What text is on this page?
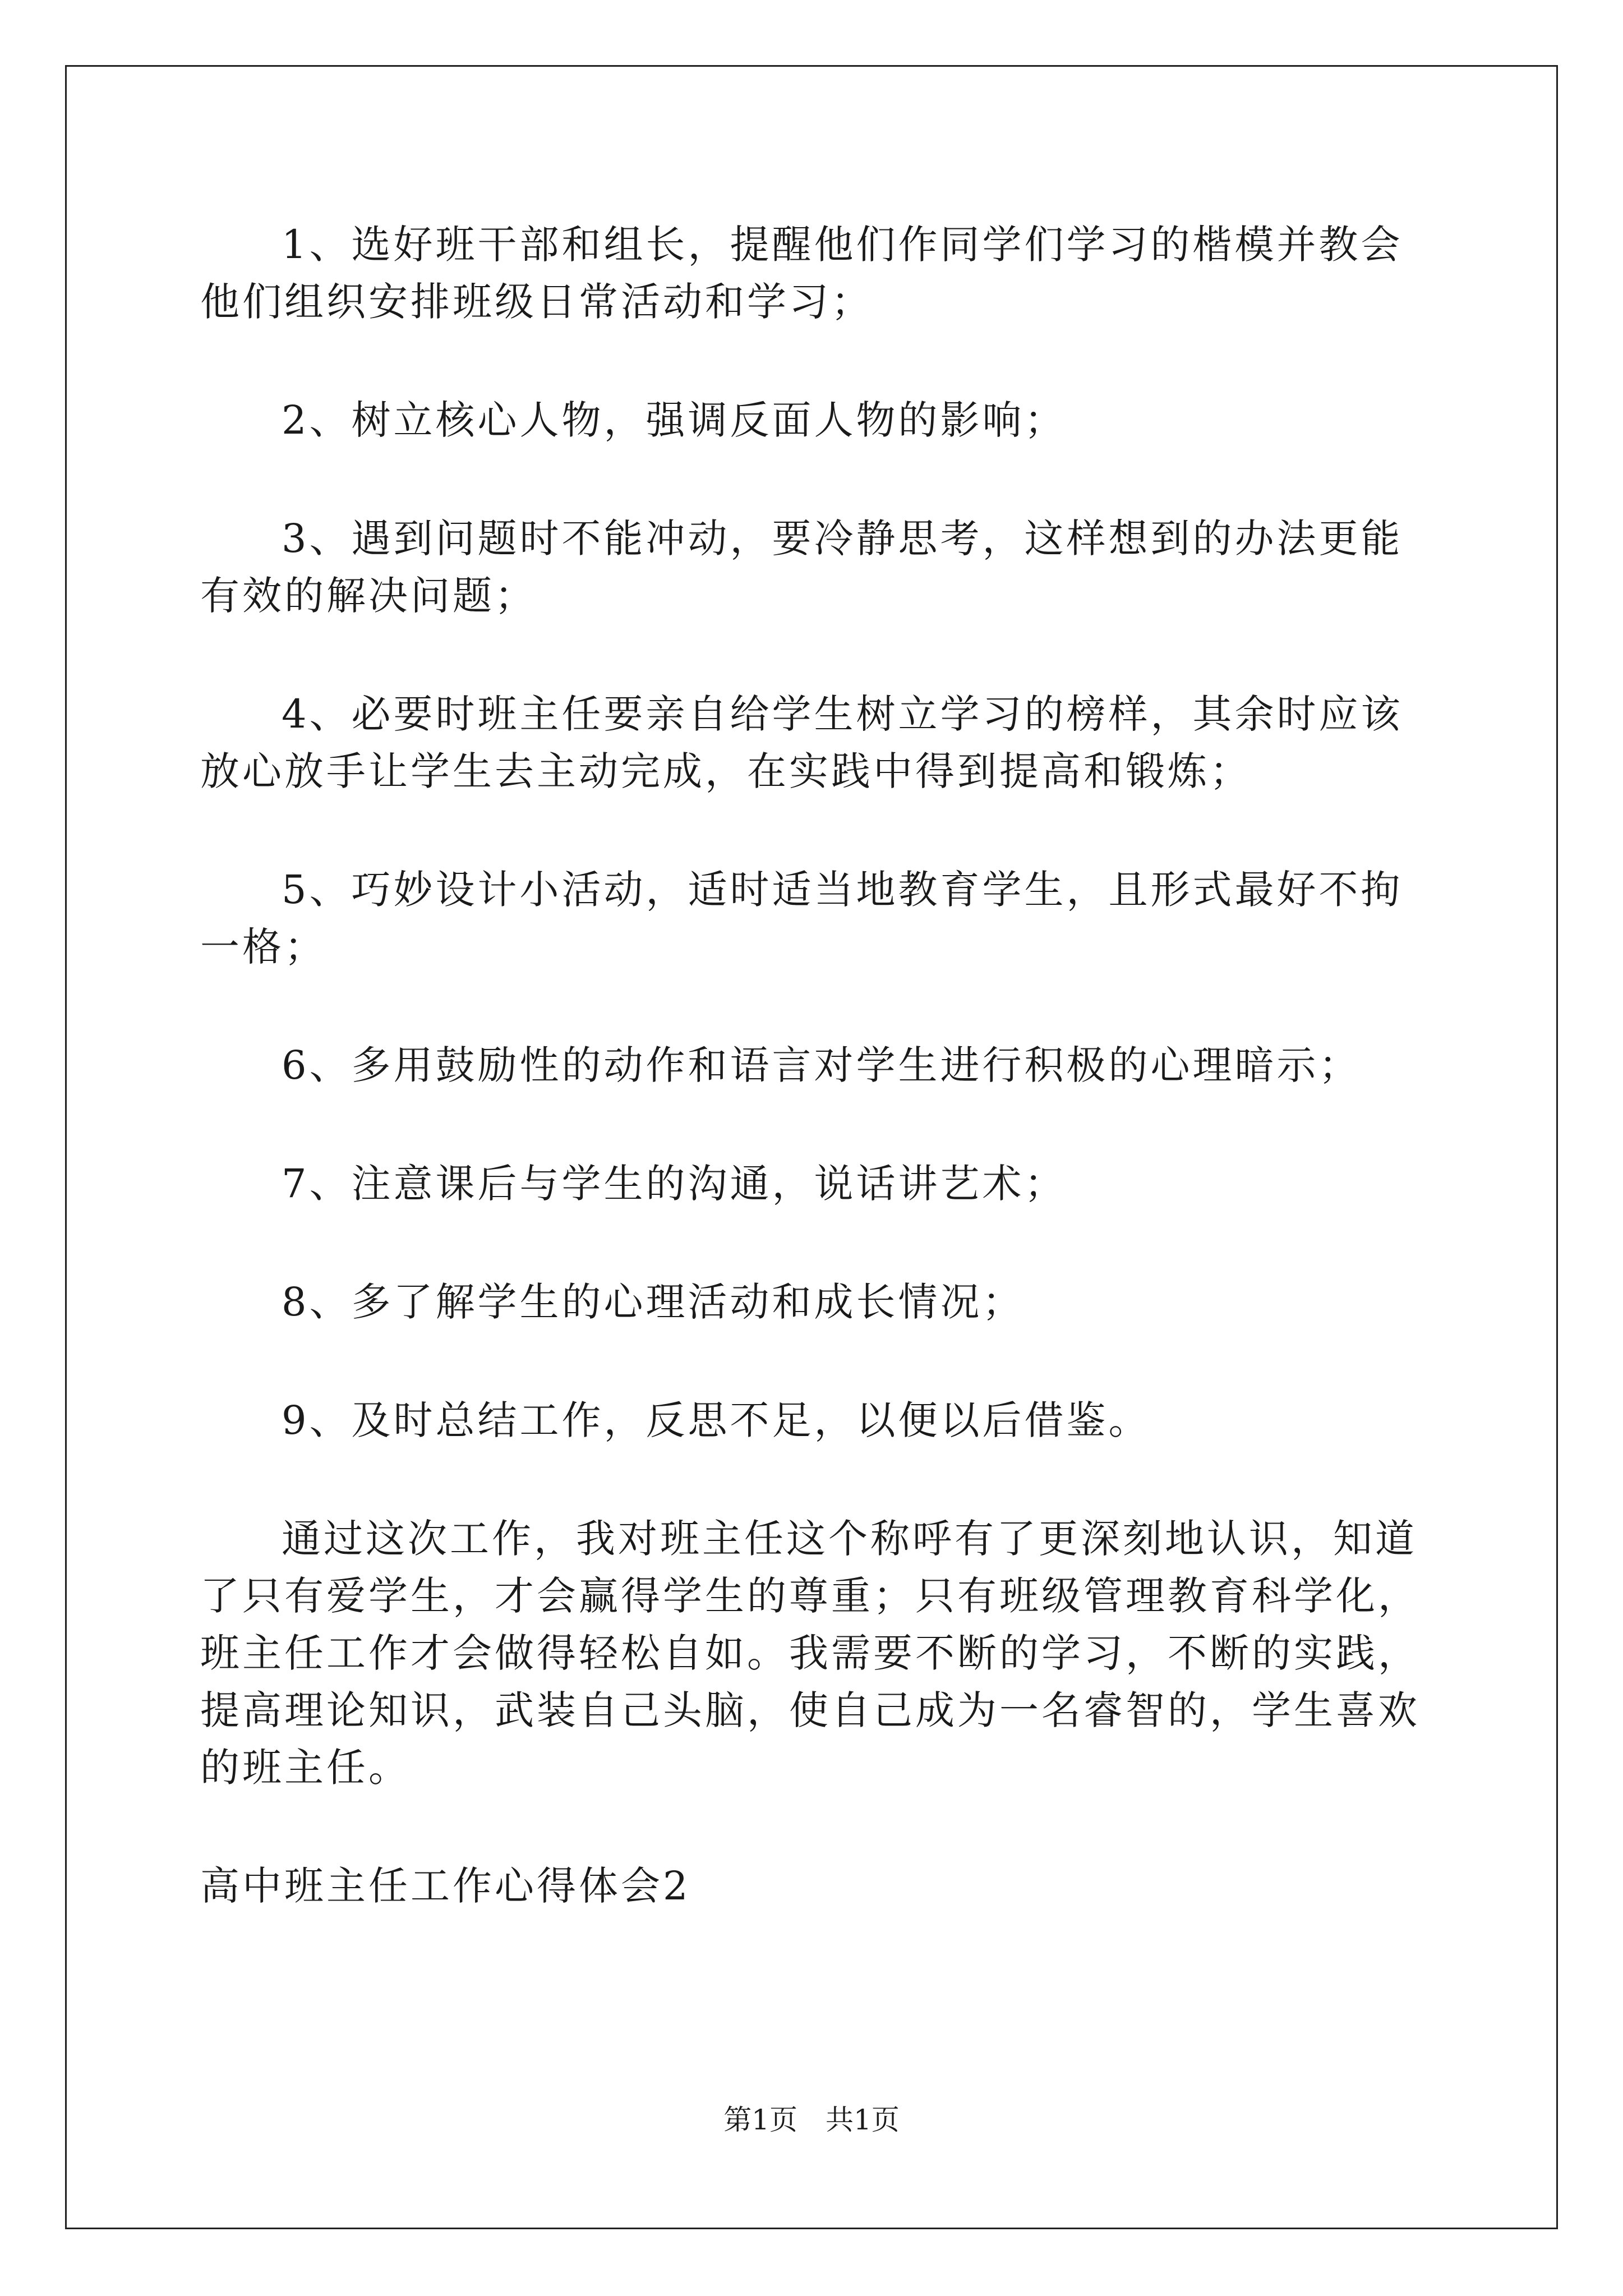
1、选好班干部和组长，提醒他们作同学们学习的楷模并教会他们组织安排班级日常活动和学习；

2、树立核心人物，强调反面人物的影响；

3、遇到问题时不能冲动，要冷静思考，这样想到的办法更能有效的解决问题；

4、必要时班主任要亲自给学生树立学习的榜样，其余时应该放心放手让学生去主动完成，在实践中得到提高和锻炼；

5、巧妙设计小活动，适时适当地教育学生，且形式最好不拘一格；

6、多用鼓励性的动作和语言对学生进行积极的心理暗示；

7、注意课后与学生的沟通，说话讲艺术；

8、多了解学生的心理活动和成长情况；

9、及时总结工作，反思不足，以便以后借鉴。

通过这次工作，我对班主任这个称呼有了更深刻地认识，知道了只有爱学生，才会赢得学生的尊重；只有班级管理教育科学化，班主任工作才会做得轻松自如。我需要不断的学习，不断的实践，提高理论知识，武装自己头脑，使自己成为一名睿智的，学生喜欢的班主任。

高中班主任工作心得体会2

第1页 共1页
